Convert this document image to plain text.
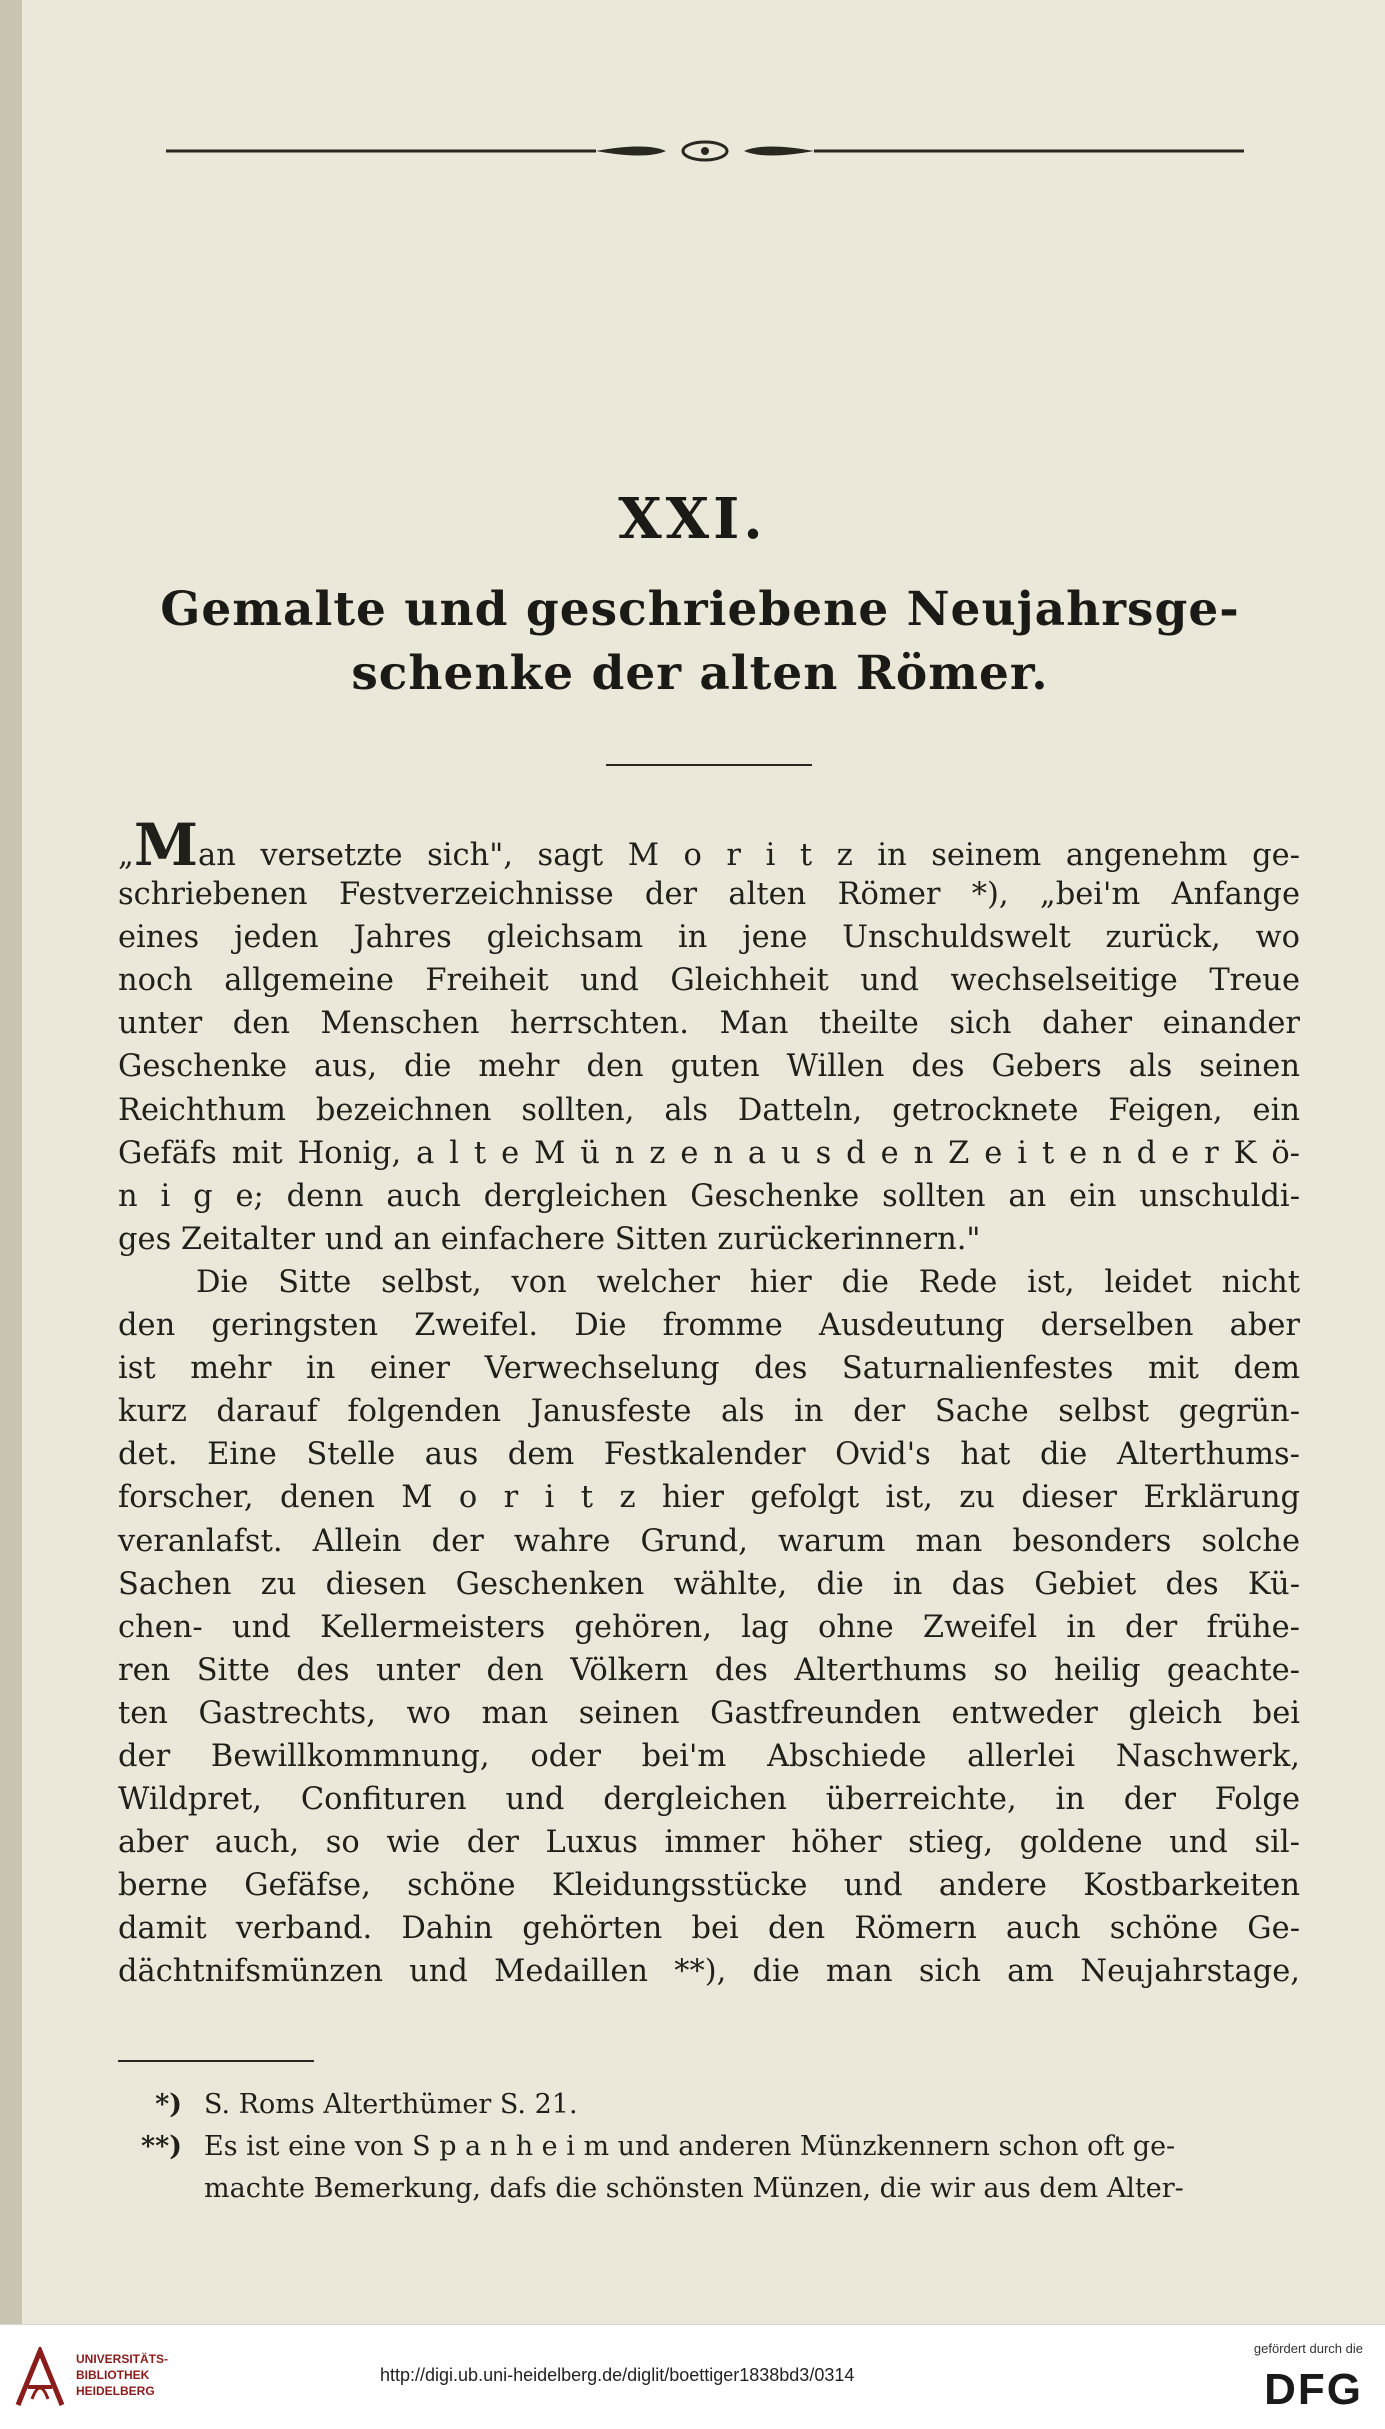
XXI.
Gemalte und geschriebene Neujahrsge-
schenke der alten Römer.
„Man versetzte sich", sagt M o r i t z in seinem angenehm ge-
schriebenen Festverzeichnisse der alten Römer *), „bei'm Anfange
eines jeden Jahres gleichsam in jene Unschuldswelt zurück, wo
noch allgemeine Freiheit und Gleichheit und wechselseitige Treue
unter den Menschen herrschten. Man theilte sich daher einander
Geschenke aus, die mehr den guten Willen des Gebers als seinen
Reichthum bezeichnen sollten, als Datteln, getrocknete Feigen, ein
Gefäfs mit Honig, a l t e M ü n z e n a u s d e n Z e i t e n d e r K ö-
n i g e; denn auch dergleichen Geschenke sollten an ein unschuldi-
ges Zeitalter und an einfachere Sitten zurückerinnern."
Die Sitte selbst, von welcher hier die Rede ist, leidet nicht
den geringsten Zweifel. Die fromme Ausdeutung derselben aber
ist mehr in einer Verwechselung des Saturnalienfestes mit dem
kurz darauf folgenden Janusfeste als in der Sache selbst gegrün-
det. Eine Stelle aus dem Festkalender Ovid's hat die Alterthums-
forscher, denen M o r i t z hier gefolgt ist, zu dieser Erklärung
veranlafst. Allein der wahre Grund, warum man besonders solche
Sachen zu diesen Geschenken wählte, die in das Gebiet des Kü-
chen- und Kellermeisters gehören, lag ohne Zweifel in der frühe-
ren Sitte des unter den Völkern des Alterthums so heilig geachte-
ten Gastrechts, wo man seinen Gastfreunden entweder gleich bei
der Bewillkommnung, oder bei'm Abschiede allerlei Naschwerk,
Wildpret, Confituren und dergleichen überreichte, in der Folge
aber auch, so wie der Luxus immer höher stieg, goldene und sil-
berne Gefäfse, schöne Kleidungsstücke und andere Kostbarkeiten
damit verband. Dahin gehörten bei den Römern auch schöne Ge-
dächtnifsmünzen und Medaillen **), die man sich am Neujahrstage,
*) S. Roms Alterthümer S. 21.
**) Es ist eine von S p a n h e i m und anderen Münzkennern schon oft ge-
machte Bemerkung, dafs die schönsten Münzen, die wir aus dem Alter-
UNIVERSITÄTS-
BIBLIOTHEK
HEIDELBERG
http://digi.ub.uni-heidelberg.de/diglit/boettiger1838bd3/0314
gefördert durch die
DFG
